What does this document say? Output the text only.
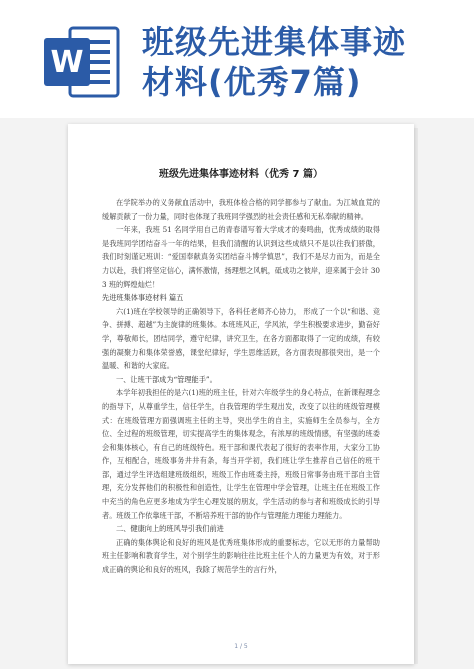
W
班级先进集体事迹
材料(优秀7篇)
班级先进集体事迹材料（优秀 7 篇）

在学院举办的义务献血活动中，我班体检合格的同学都参与了献血。为江城血荒的缓解贡献了一份力量，同时也体现了我班同学强烈的社会责任感和无私奉献的精神。

一年来，我班 51 名同学用自己的青春谱写着大学成才的奏鸣曲，优秀成绩的取得是我班同学团结奋斗一年的结果，但我们清醒的认识到这些成绩只不是以往我们骄傲，我们时刻谨记班训：“爱国奉献真务实团结奋斗博学慎思”，我们不是尽力而为，而是全力以赴，我们将坚定信心，满怀激情，扬理想之风帆，砥成功之彼岸，迎来属于会计 303 班的辉煌灿烂！

先进班集体事迹材料 篇五

六(1)班在学校领导的正确领导下，各科任老师齐心协力， 形成了一个以“和谐、竞争、拼搏、超越”为主旋律的班集体。本班班风正，学风浓，学生积极要求进步，勤奋好学，尊敬师长，团结同学，遵守纪律，讲究卫生，在各方面都取得了一定的成绩，有较强的凝聚力和集体荣誉感，课堂纪律好，学生思维活跃，各方面表现都很突出，是一个温暖、和谐的大家庭。

一、让班干部成为“管理能手”。

本学年初我担任的是六(1)班的班主任，针对六年级学生的身心特点，在新课程理念的指导下，从尊重学生，信任学生，自我管理的学生观出发，改变了以往的班级管理模式：在班级管理方面强调班主任的主导，突出学生的自主，实施师生全员参与，全方位、全过程的班级管理，切实提高学生的集体观念，有浓厚的班级情感，有坚强的班委会和集体核心，有自己的班级特色。班干部和课代表起了很好的表率作用，大家分工协作，互相配合，班级事务井井有条，每当开学初，我们班让学生推荐自己信任的班干部，通过学生评选组建班级组织，班级工作由班委主持，班级日常事务由班干部自主管理，充分发挥他们的积极性和创造性，让学生在管理中学会管理，让班主任在班级工作中充当的角色应更多地成为学生心理发展的朋友，学生活动的参与者和班级成长的引导者。班级工作依靠班干部，不断培养班干部的协作与管理能力理能力理能力。

二、健康向上的班风导引我们前进

正确的集体舆论和良好的班风是优秀班集体形成的重要标志，它以无形的力量帮助班主任影响和教育学生，对个别学生的影响往往比班主任个人的力量更为有效，对于形成正确的舆论和良好的班风，我除了规范学生的言行外，

1 / 5
